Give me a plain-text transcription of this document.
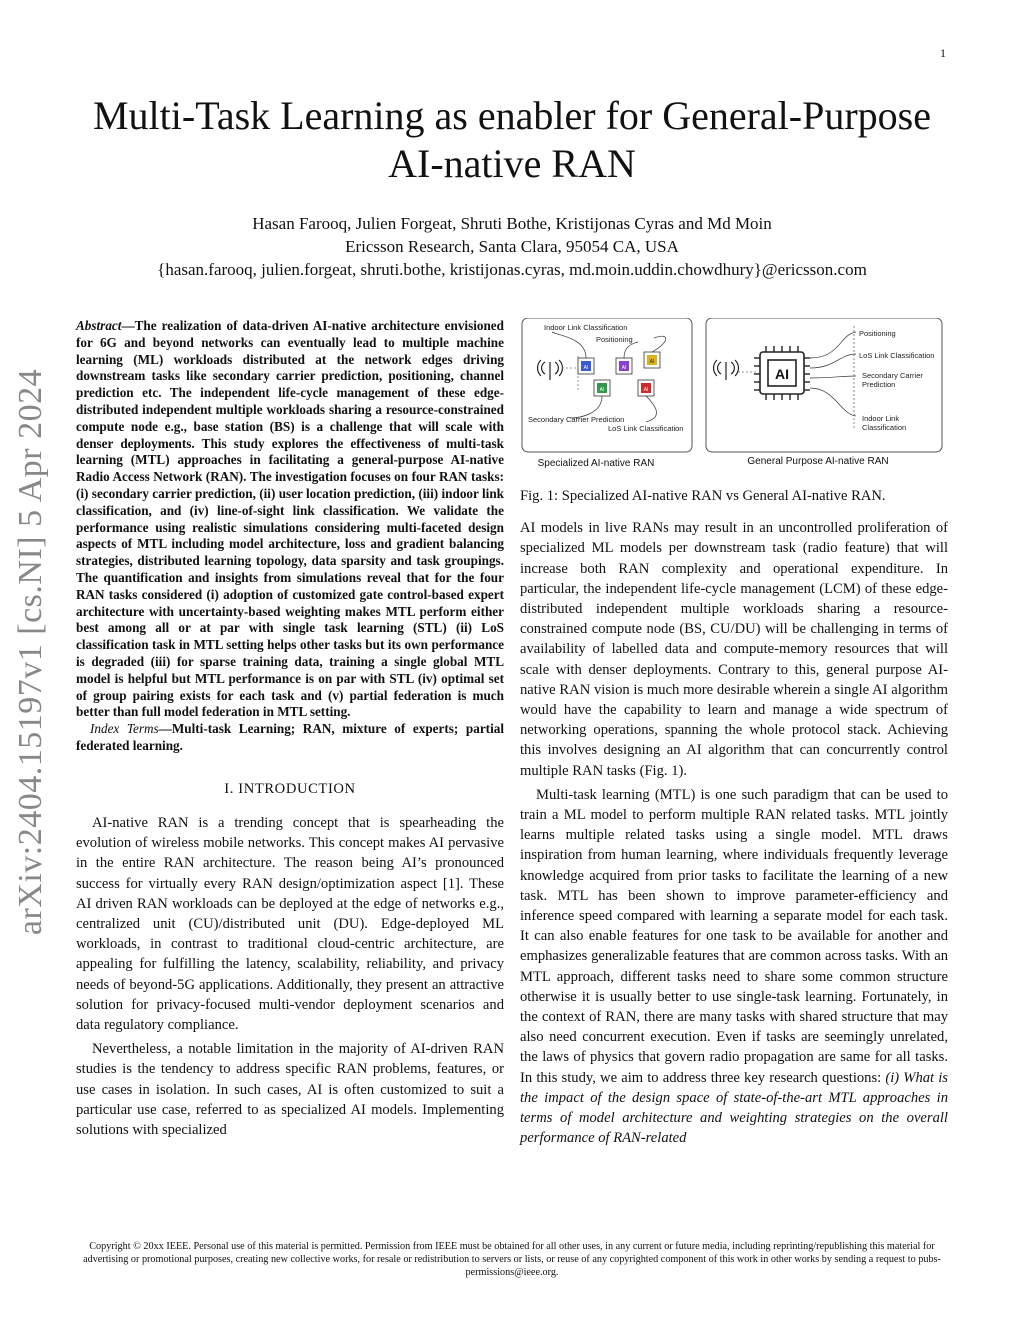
1
Multi-Task Learning as enabler for General-Purpose
AI-native RAN
Hasan Farooq, Julien Forgeat, Shruti Bothe, Kristijonas Cyras and Md Moin
Ericsson Research, Santa Clara, 95054 CA, USA
{hasan.farooq, julien.forgeat, shruti.bothe, kristijonas.cyras, md.moin.uddin.chowdhury}@ericsson.com
arXiv:2404.15197v1 [cs.NI] 5 Apr 2024

Abstract—The realization of data-driven AI-native architecture envisioned for 6G and beyond networks can eventually lead to multiple machine learning (ML) workloads distributed at the network edges driving downstream tasks like secondary carrier prediction, positioning, channel prediction etc. The independent life-cycle management of these edge-distributed independent multiple workloads sharing a resource-constrained compute node e.g., base station (BS) is a challenge that will scale with denser deployments. This study explores the effectiveness of multi-task learning (MTL) approaches in facilitating a general-purpose AI-native Radio Access Network (RAN). The investigation focuses on four RAN tasks: (i) secondary carrier prediction, (ii) user location prediction, (iii) indoor link classification, and (iv) line-of-sight link classification. We validate the performance using realistic simulations considering multi-faceted design aspects of MTL including model architecture, loss and gradient balancing strategies, distributed learning topology, data sparsity and task groupings. The quantification and insights from simulations reveal that for the four RAN tasks considered (i) adoption of customized gate control-based expert architecture with uncertainty-based weighting makes MTL perform either best among all or at par with single task learning (STL) (ii) LoS classification task in MTL setting helps other tasks but its own performance is degraded (iii) for sparse training data, training a single global MTL model is helpful but MTL performance is on par with STL (iv) optimal set of group pairing exists for each task and (v) partial federation is much better than full model federation in MTL setting.

Index Terms—Multi-task Learning; RAN, mixture of experts; partial federated learning.

I. INTRODUCTION

AI-native RAN is a trending concept that is spearheading the evolution of wireless mobile networks. This concept makes AI pervasive in the entire RAN architecture. The reason being AI’s pronounced success for virtually every RAN design/optimization aspect [1]. These AI driven RAN workloads can be deployed at the edge of networks e.g., centralized unit (CU)/distributed unit (DU). Edge-deployed ML workloads, in contrast to traditional cloud-centric architecture, are appealing for fulfilling the latency, scalability, reliability, and privacy needs of beyond-5G applications. Additionally, they present an attractive solution for privacy-focused multi-vendor deployment scenarios and data regulatory compliance.

Nevertheless, a notable limitation in the majority of AI-driven RAN studies is the tendency to address specific RAN problems, features, or use cases in isolation. In such cases, AI is often customized to suit a particular use case, referred to as specialized AI models. Implementing solutions with specialized

AI	AI
AI
AI	AI
Indoor Link Classification
Positioning
Secondary Carrier Prediction
LoS Link Classification
AI
Positioning
LoS Link Classification
Secondary Carrier
Prediction
Indoor Link
Classification
Specialized AI-native RAN	General Purpose AI-native RAN
Fig. 1: Specialized AI-native RAN vs General AI-native RAN.

AI models in live RANs may result in an uncontrolled proliferation of specialized ML models per downstream task (radio feature) that will increase both RAN complexity and operational expenditure. In particular, the independent life-cycle management (LCM) of these edge-distributed independent multiple workloads sharing a resource-constrained compute node (BS, CU/DU) will be challenging in terms of availability of labelled data and compute-memory resources that will scale with denser deployments. Contrary to this, general purpose AI-native RAN vision is much more desirable wherein a single AI algorithm would have the capability to learn and manage a wide spectrum of networking operations, spanning the whole protocol stack. Achieving this involves designing an AI algorithm that can concurrently control multiple RAN tasks (Fig. 1).

Multi-task learning (MTL) is one such paradigm that can be used to train a ML model to perform multiple RAN related tasks. MTL jointly learns multiple related tasks using a single model. MTL draws inspiration from human learning, where individuals frequently leverage knowledge acquired from prior tasks to facilitate the learning of a new task. MTL has been shown to improve parameter-efficiency and inference speed compared with learning a separate model for each task. It can also enable features for one task to be available for another and emphasizes generalizable features that are common across tasks. With an MTL approach, different tasks need to share some common structure otherwise it is usually better to use single-task learning. Fortunately, in the context of RAN, there are many tasks with shared structure that may also need concurrent execution. Even if tasks are seemingly unrelated, the laws of physics that govern radio propagation are same for all tasks. In this study, we aim to address three key research questions: (i) What is the impact of the design space of state-of-the-art MTL approaches in terms of model architecture and weighting strategies on the overall performance of RAN-related

Copyright © 20xx IEEE. Personal use of this material is permitted. Permission from IEEE must be obtained for all other uses, in any current or future media, including reprinting/republishing this material for advertising or promotional purposes, creating new collective works, for resale or redistribution to servers or lists, or reuse of any copyrighted component of this work in other works by sending a request to pubs-permissions@ieee.org.
